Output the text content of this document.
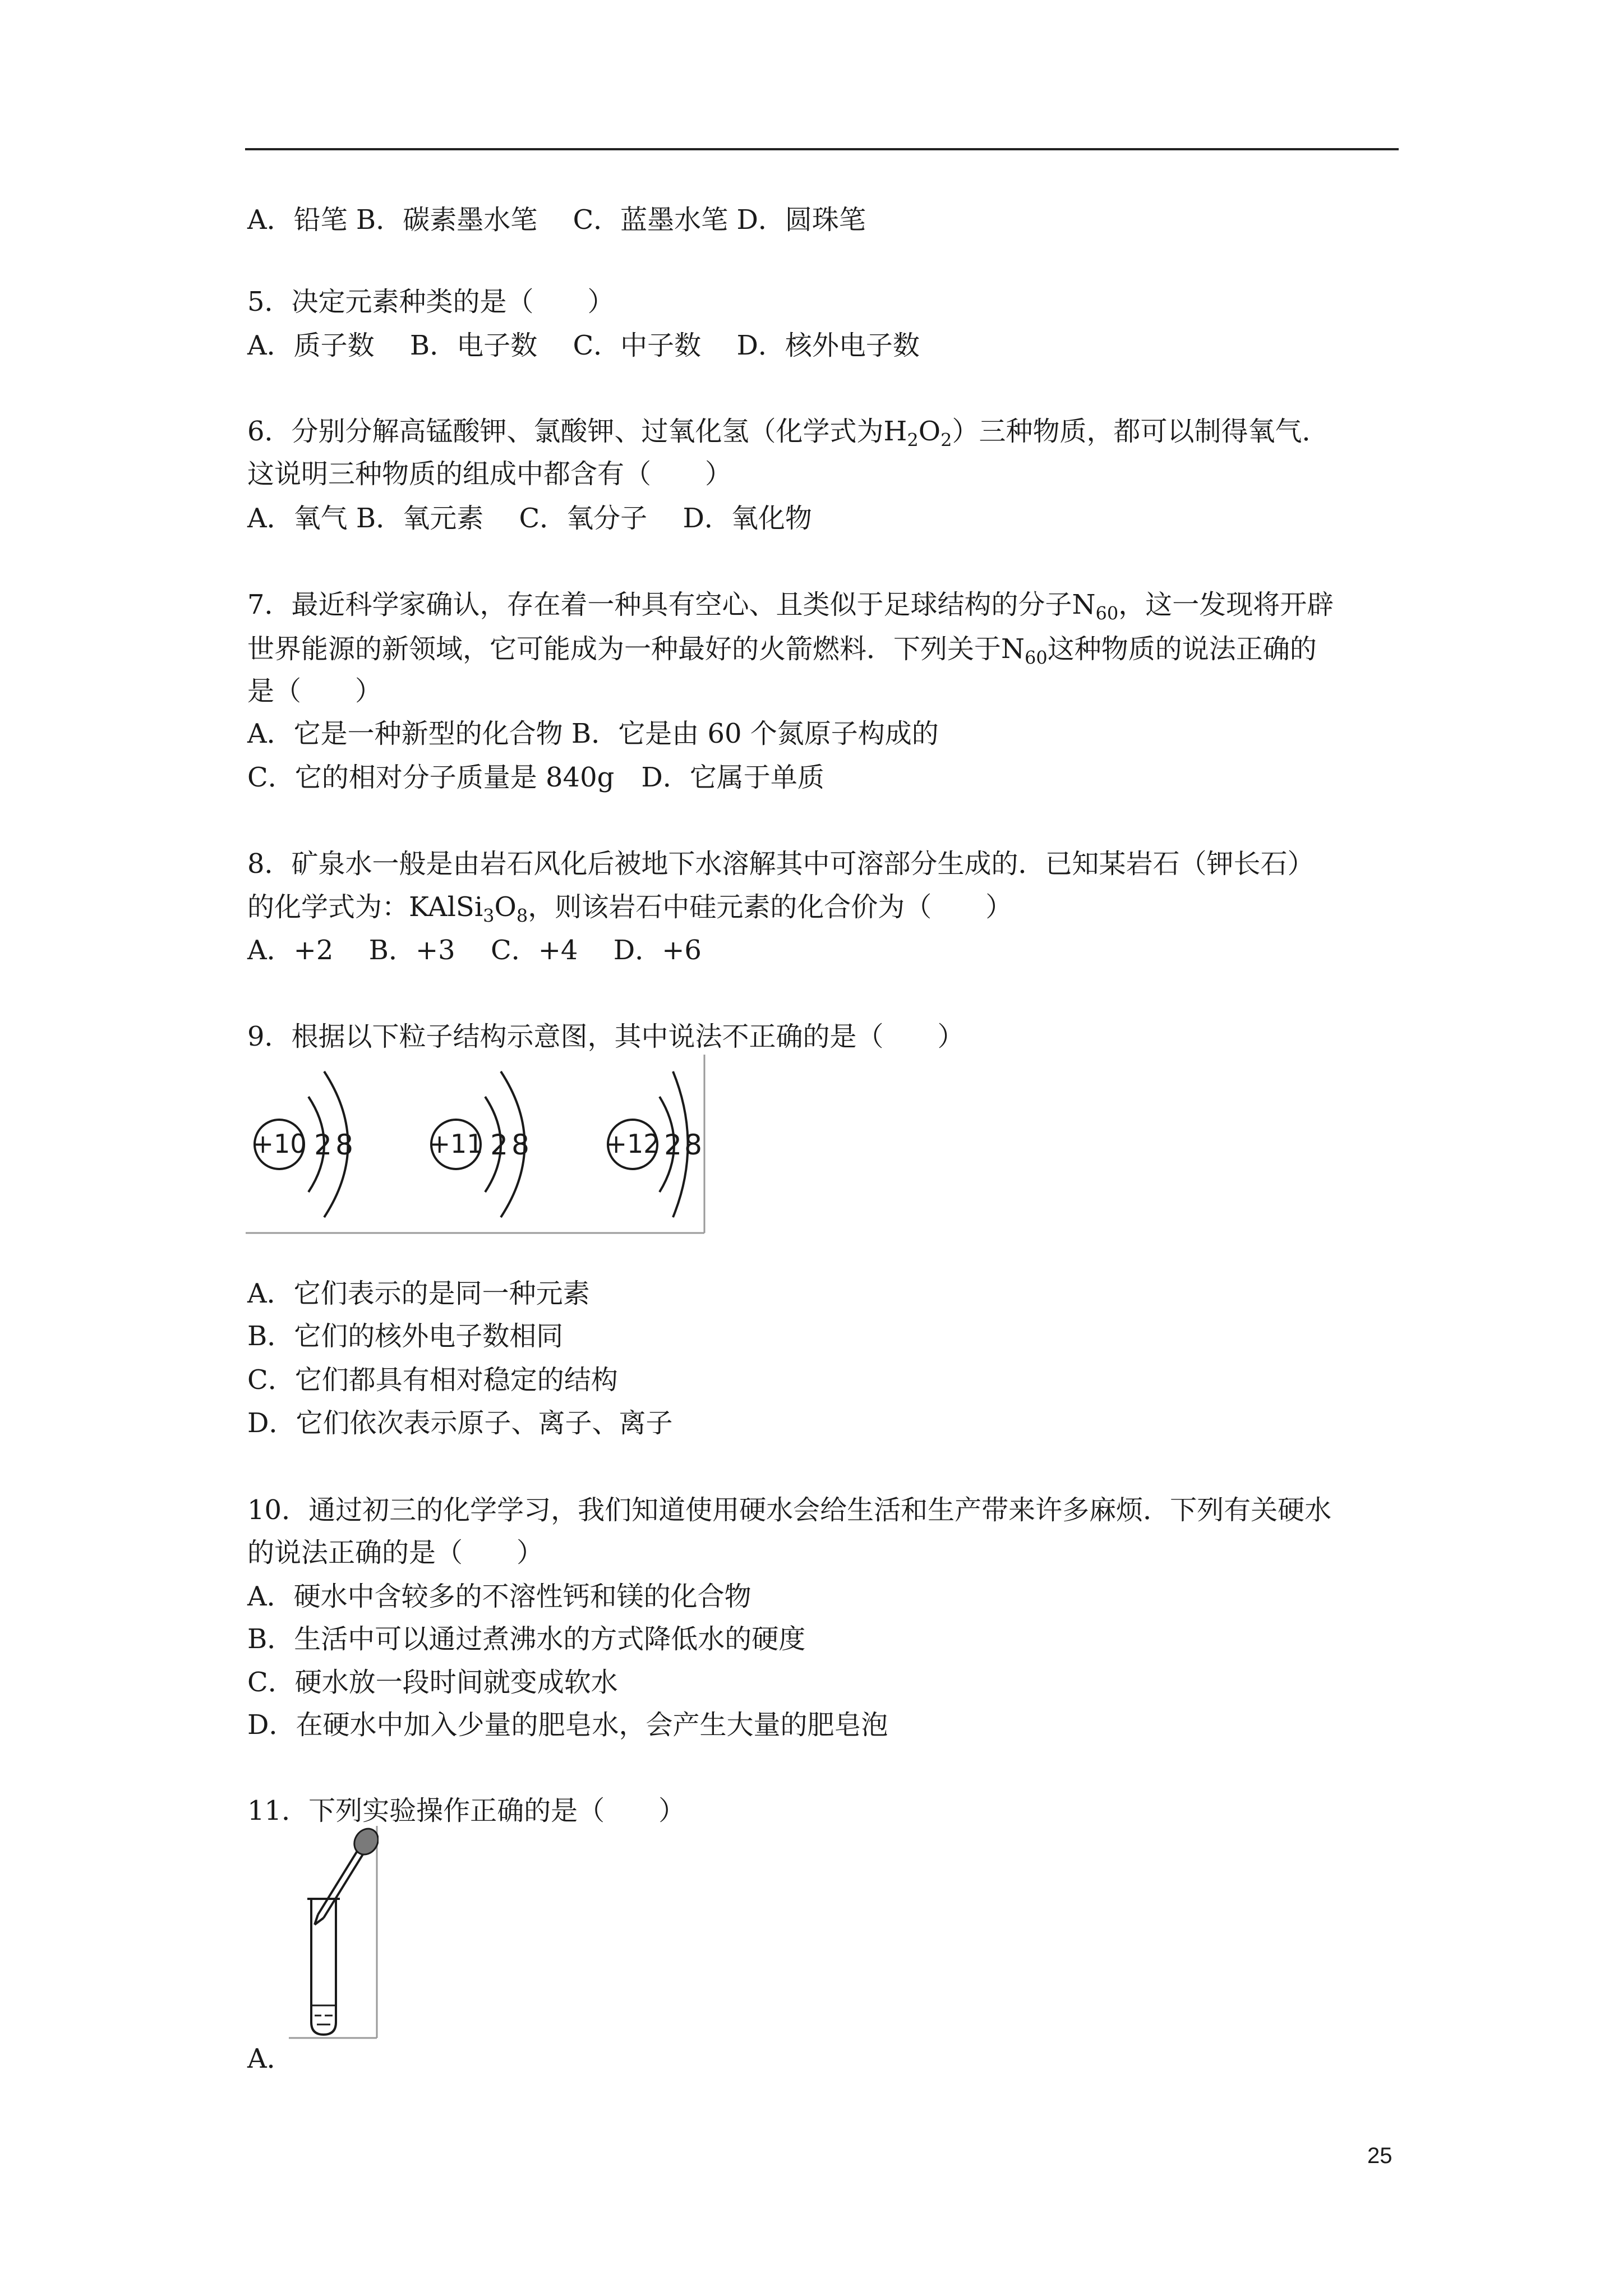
A．铅笔 B．碳素墨水笔　 C．蓝墨水笔 D．圆珠笔
5．决定元素种类的是（　　）
A．质子数　 B．电子数　 C．中子数　 D．核外电子数
6．分别分解高锰酸钾、氯酸钾、过氧化氢（化学式为$H_2O_2$）三种物质，都可以制得氧气．
这说明三种物质的组成中都含有（　　）
A．氧气 B．氧元素　 C．氧分子　 D．氧化物
7．最近科学家确认，存在着一种具有空心、且类似于足球结构的分子$N_{60}$，这一发现将开辟
世界能源的新领域，它可能成为一种最好的火箭燃料．下列关于$N_{60}$这种物质的说法正确的
是（　　）
A．它是一种新型的化合物 B．它是由 60 个氮原子构成的
C．它的相对分子质量是 840g　D．它属于单质
8．矿泉水一般是由岩石风化后被地下水溶解其中可溶部分生成的．已知某岩石（钾长石）
的化学式为：$KAlSi_3O_8$，则该岩石中硅元素的化合价为（　　）
A．+2　 B．+3　 C．+4　 D．+6
9．根据以下粒子结构示意图，其中说法不正确的是（　　）
+10 2 8	+11 2 8	+12 2 8
A．它们表示的是同一种元素
B．它们的核外电子数相同
C．它们都具有相对稳定的结构
D．它们依次表示原子、离子、离子
10．通过初三的化学学习，我们知道使用硬水会给生活和生产带来许多麻烦．下列有关硬水
的说法正确的是（　　）
A．硬水中含较多的不溶性钙和镁的化合物
B．生活中可以通过煮沸水的方式降低水的硬度
C．硬水放一段时间就变成软水
D．在硬水中加入少量的肥皂水，会产生大量的肥皂泡
11．下列实验操作正确的是（　　）
A．
25
